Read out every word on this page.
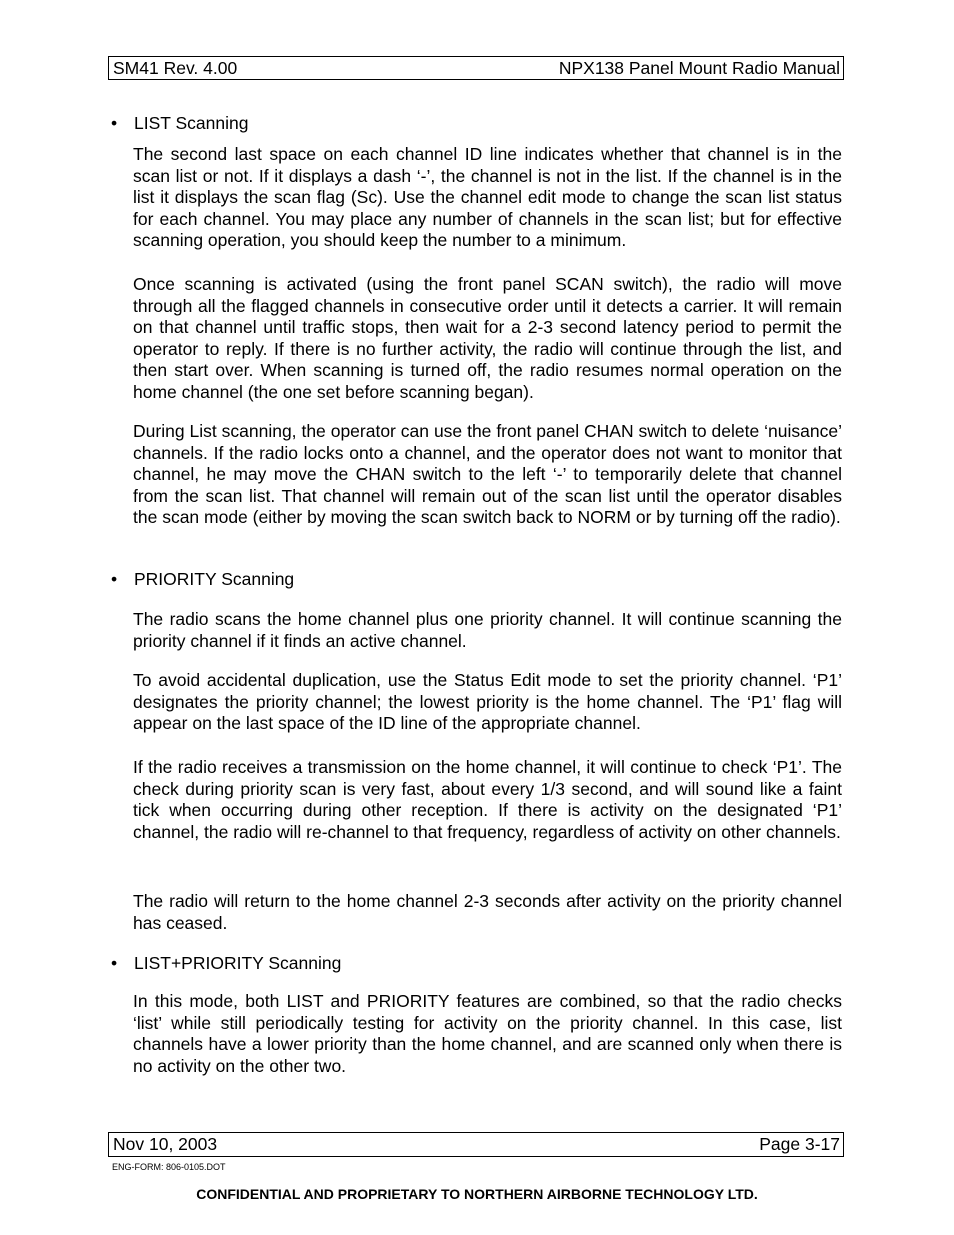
SM41 Rev. 4.00	NPX138 Panel Mount Radio Manual
• LIST Scanning
The second last space on each channel ID line indicates whether that channel is in the scan list or not. If it displays a dash ‘-’, the channel is not in the list. If the channel is in the list it displays the scan flag (Sc). Use the channel edit mode to change the scan list status for each channel. You may place any number of channels in the scan list; but for effective scanning operation, you should keep the number to a minimum.
Once scanning is activated (using the front panel SCAN switch), the radio will move through all the flagged channels in consecutive order until it detects a carrier. It will remain on that channel until traffic stops, then wait for a 2-3 second latency period to permit the operator to reply. If there is no further activity, the radio will continue through the list, and then start over. When scanning is turned off, the radio resumes normal operation on the home channel (the one set before scanning began).
During List scanning, the operator can use the front panel CHAN switch to delete ‘nuisance’ channels. If the radio locks onto a channel, and the operator does not want to monitor that channel, he may move the CHAN switch to the left ‘-’ to temporarily delete that channel from the scan list. That channel will remain out of the scan list until the operator disables the scan mode (either by moving the scan switch back to NORM or by turning off the radio).
• PRIORITY Scanning
The radio scans the home channel plus one priority channel. It will continue scanning the priority channel if it finds an active channel.
To avoid accidental duplication, use the Status Edit mode to set the priority channel. ‘P1’ designates the priority channel; the lowest priority is the home channel. The ‘P1’ flag will appear on the last space of the ID line of the appropriate channel.
If the radio receives a transmission on the home channel, it will continue to check ‘P1’. The check during priority scan is very fast, about every 1/3 second, and will sound like a faint tick when occurring during other reception. If there is activity on the designated ‘P1’ channel, the radio will re-channel to that frequency, regardless of activity on other channels.
The radio will return to the home channel 2-3 seconds after activity on the priority channel has ceased.
• LIST+PRIORITY Scanning
In this mode, both LIST and PRIORITY features are combined, so that the radio checks ‘list’ while still periodically testing for activity on the priority channel. In this case, list channels have a lower priority than the home channel, and are scanned only when there is no activity on the other two.
Nov 10, 2003	Page 3-17
ENG-FORM: 806-0105.DOT
CONFIDENTIAL AND PROPRIETARY TO NORTHERN AIRBORNE TECHNOLOGY LTD.
